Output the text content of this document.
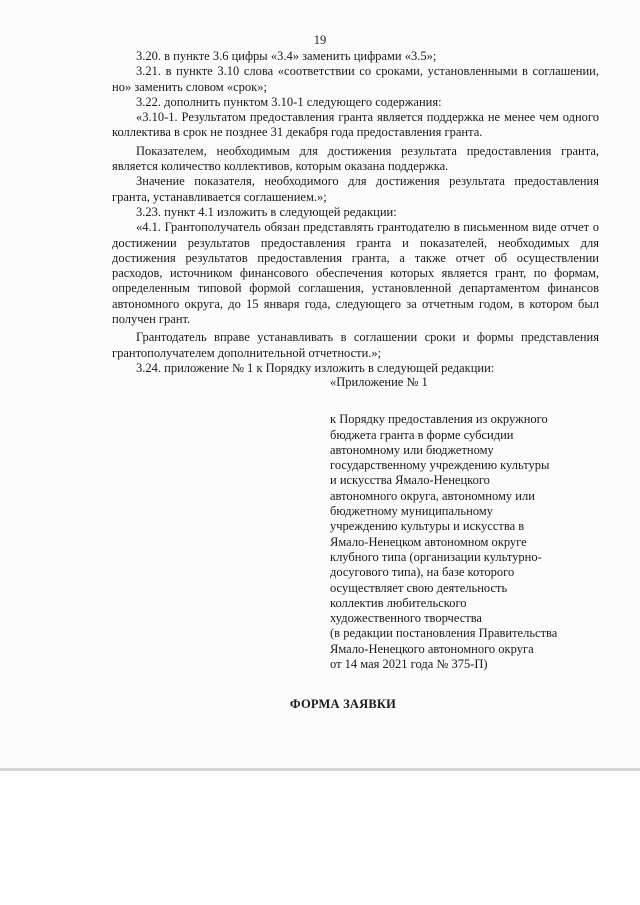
19

3.20. в пункте 3.6 цифры «3.4» заменить цифрами «3.5»;

3.21. в пункте 3.10 слова «соответствии со сроками, установленными в соглашении, но» заменить словом «срок»;

3.22. дополнить пунктом 3.10-1 следующего содержания:

«3.10-1. Результатом предоставления гранта является поддержка не менее чем одного коллектива в срок не позднее 31 декабря года предоставления гранта.

Показателем, необходимым для достижения результата предоставления гранта, является количество коллективов, которым оказана поддержка.

Значение показателя, необходимого для достижения результата предоставления гранта, устанавливается соглашением.»;

3.23. пункт 4.1 изложить в следующей редакции:

«4.1. Грантополучатель обязан представлять грантодателю в письменном виде отчет о достижении результатов предоставления гранта и показателей, необходимых для достижения результатов предоставления гранта, а также отчет об осуществлении расходов, источником финансового обеспечения которых является грант, по формам, определенным типовой формой соглашения, установленной департаментом финансов автономного округа, до 15 января года, следующего за отчетным годом, в котором был получен грант.

Грантодатель вправе устанавливать в соглашении сроки и формы представления грантополучателем дополнительной отчетности.»;

3.24. приложение № 1 к Порядку изложить в следующей редакции:

«Приложение № 1

к Порядку предоставления из окружного
бюджета гранта в форме субсидии
автономному или бюджетному
государственному учреждению культуры
и искусства Ямало-Ненецкого
автономного округа, автономному или
бюджетному муниципальному
учреждению культуры и искусства в
Ямало-Ненецком автономном округе
клубного типа (организации культурно-
досугового типа), на базе которого
осуществляет свою деятельность
коллектив любительского
художественного творчества
(в редакции постановления Правительства
Ямало-Ненецкого автономного округа
от 14 мая 2021 года № 375-П)

ФОРМА ЗАЯВКИ
